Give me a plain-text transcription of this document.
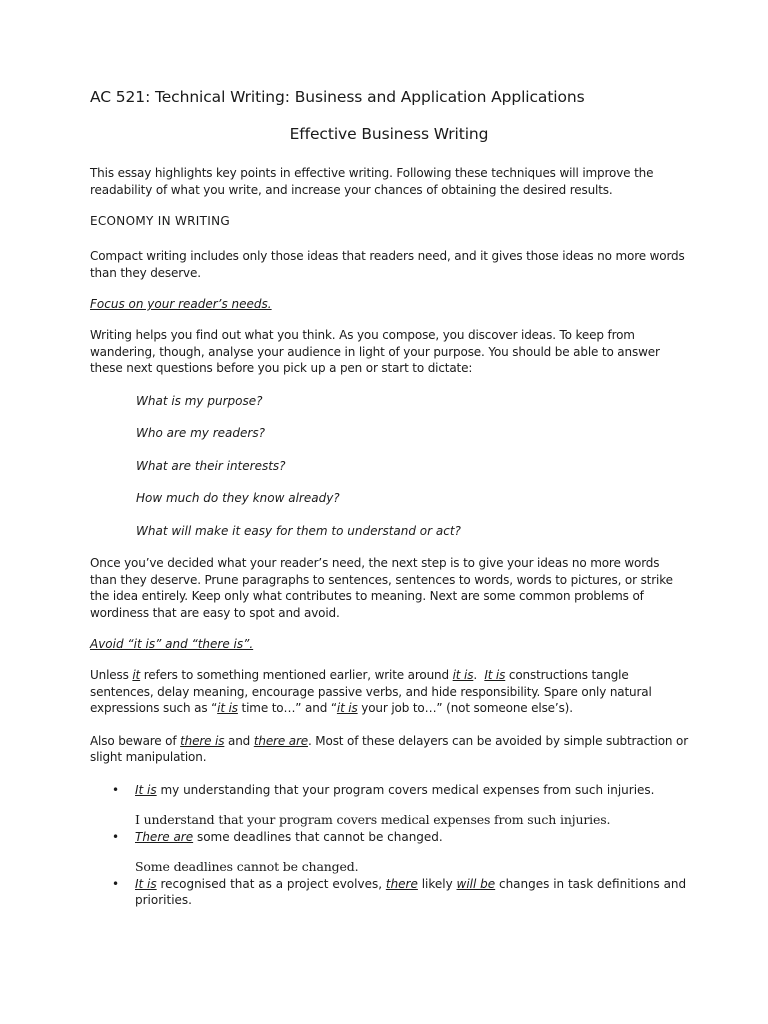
AC 521: Technical Writing: Business and Application Applications
Effective Business Writing

This essay highlights key points in effective writing. Following these techniques will improve the readability of what you write, and increase your chances of obtaining the desired results.

ECONOMY IN WRITING

Compact writing includes only those ideas that readers need, and it gives those ideas no more words than they deserve.

Focus on your reader’s needs.

Writing helps you find out what you think. As you compose, you discover ideas. To keep from wandering, though, analyse your audience in light of your purpose. You should be able to answer these next questions before you pick up a pen or start to dictate:

What is my purpose?
Who are my readers?
What are their interests?
How much do they know already?
What will make it easy for them to understand or act?

Once you’ve decided what your reader’s need, the next step is to give your ideas no more words than they deserve. Prune paragraphs to sentences, sentences to words, words to pictures, or strike the idea entirely. Keep only what contributes to meaning. Next are some common problems of wordiness that are easy to spot and avoid.

Avoid “it is” and “there is”.

Unless it refers to something mentioned earlier, write around it is.  It is constructions tangle sentences, delay meaning, encourage passive verbs, and hide responsibility. Spare only natural expressions such as “it is time to…” and “it is your job to…” (not someone else’s).

Also beware of there is and there are. Most of these delayers can be avoided by simple subtraction or slight manipulation.

• It is my understanding that your program covers medical expenses from such injuries.

I understand that your program covers medical expenses from such injuries.

• There are some deadlines that cannot be changed.

Some deadlines cannot be changed.

• It is recognised that as a project evolves, there likely will be changes in task definitions and priorities.
